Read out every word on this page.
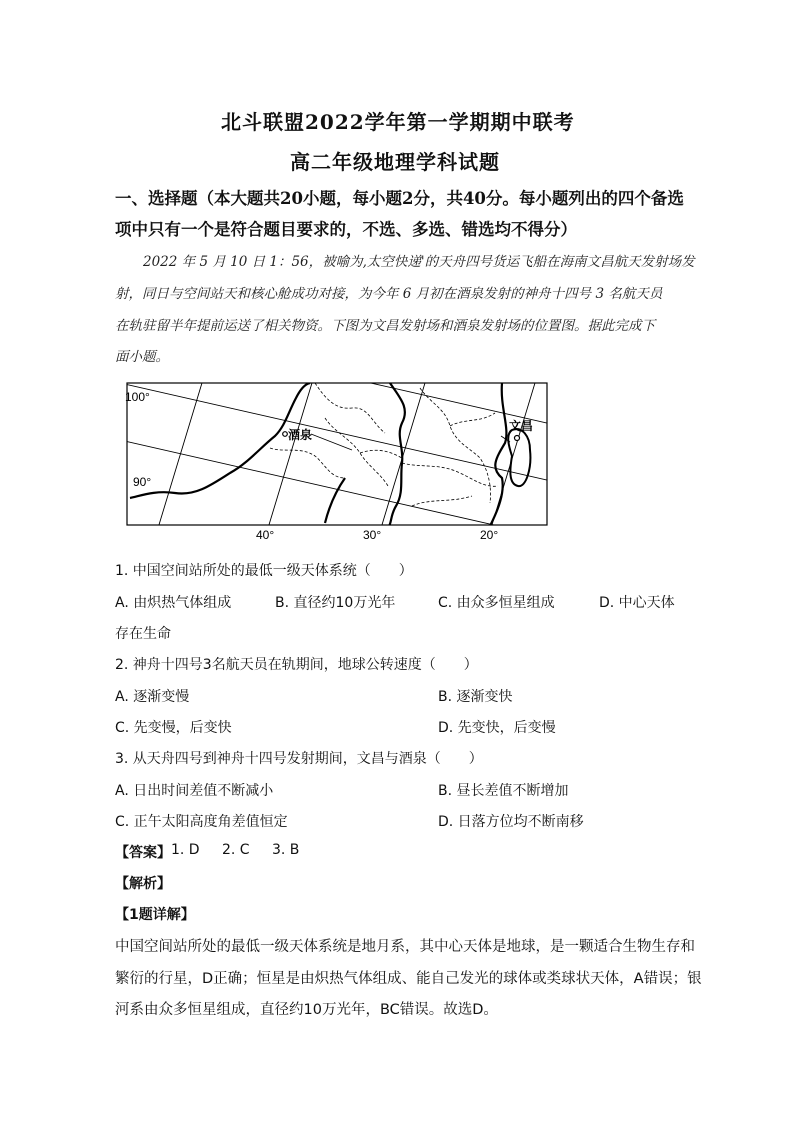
北斗联盟2022学年第一学期期中联考
高二年级地理学科试题
一、选择题（本大题共20小题，每小题2分，共40分。每小题列出的四个备选
项中只有一个是符合题目要求的，不选、多选、错选均不得分）
2022 年 5 月 10 日 1：56，被喻为,太空快递'的天舟四号货运飞船在海南文昌航天发射场发
射，同日与空间站天和核心舱成功对接，为今年 6 月初在酒泉发射的神舟十四号 3 名航天员
在轨驻留半年提前运送了相关物资。下图为文昌发射场和酒泉发射场的位置图。据此完成下
面小题。
酒泉
文昌
100°
90°
40°	30°	20°
1. 中国空间站所处的最低一级天体系统（　　）
A. 由炽热气体组成	B. 直径约10万光年	C. 由众多恒星组成	D. 中心天体
存在生命
2. 神舟十四号3名航天员在轨期间，地球公转速度（　　）
A. 逐渐变慢	B. 逐渐变快
C. 先变慢，后变快	D. 先变快，后变慢
3. 从天舟四号到神舟十四号发射期间，文昌与酒泉（　　）
A. 日出时间差值不断减小	B. 昼长差值不断增加
C. 正午太阳高度角差值恒定	D. 日落方位均不断南移
【答案】 1. D 2. C 3. B
【解析】
【1题详解】
中国空间站所处的最低一级天体系统是地月系，其中心天体是地球，是一颗适合生物生存和
繁衍的行星，D正确；恒星是由炽热气体组成、能自己发光的球体或类球状天体，A错误；银
河系由众多恒星组成，直径约10万光年，BC错误。故选D。
